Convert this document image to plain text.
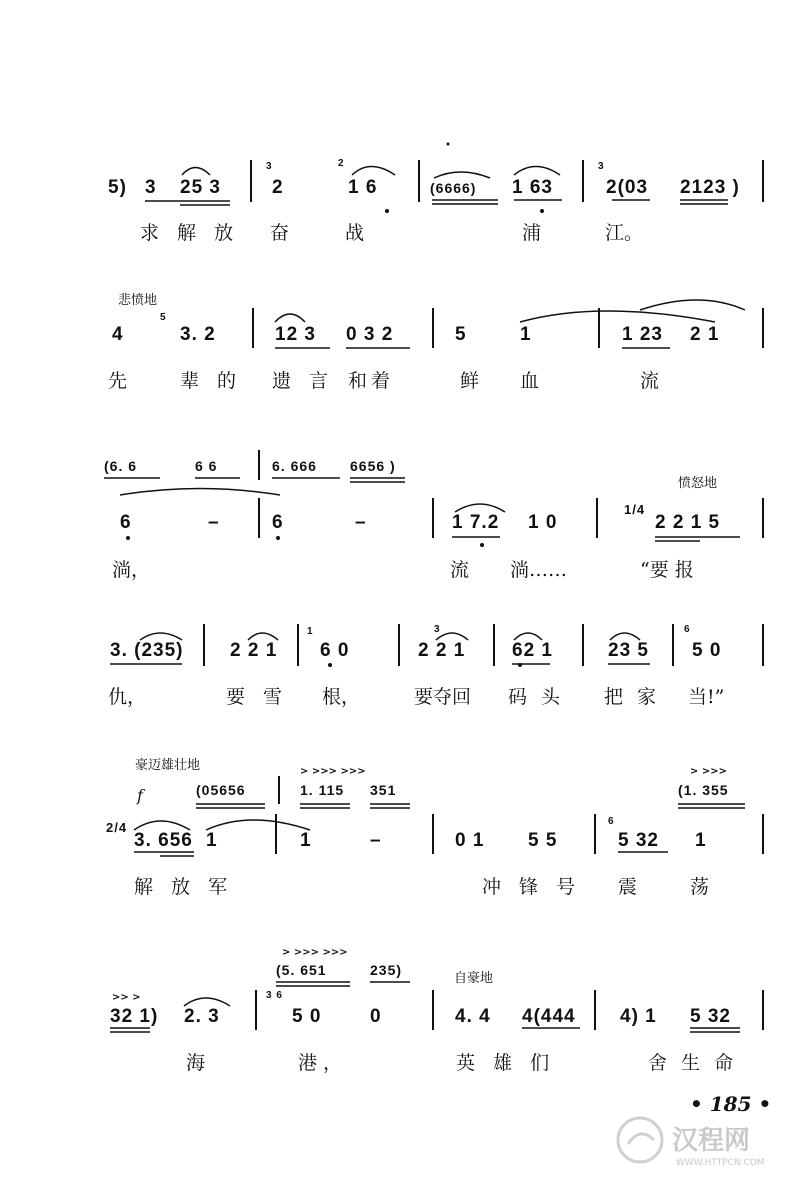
5) 3 25 3
3
2
2
1 6	(6666) 1 63
3
2(03 2123 )
求 解 放 奋	战	浦	江。
悲愤地
4
5
3. 2	12 3 0 3 2	5	1	1 23 2 1
先	辈 的 遗 言 和着	鲜 血	流
(6. 6	6 6	6. 666 6656 )
愤怒地
6	–	6	–	1 7.2 1 0
1/4
2 2 1 5
淌，	流 淌……	“要 报
3. (235) 2 2 1
1
6 0
3
2 2 1 62 1	23 5
6
5 0
仇，	要 雪 根，	要夺回 码 头 把 家 当!”
豪迈雄壮地
f	(05656	1. 115 351
> >>> >>>
(1. 355
> >>>
2/4
3. 656 1	1	–	0 1 5 5
6
5 32 1
解 放 军	冲 锋 号 震	荡
> >>> >>>
(5. 651	235)
自豪地
>> >
32 1) 2. 3
3 6
5 0	0	4. 4 4(444 4) 1 5 32
海	港，	英 雄 们	舍 生 命
• 185 •
汉程网
WWW.HTTPCN.COM
